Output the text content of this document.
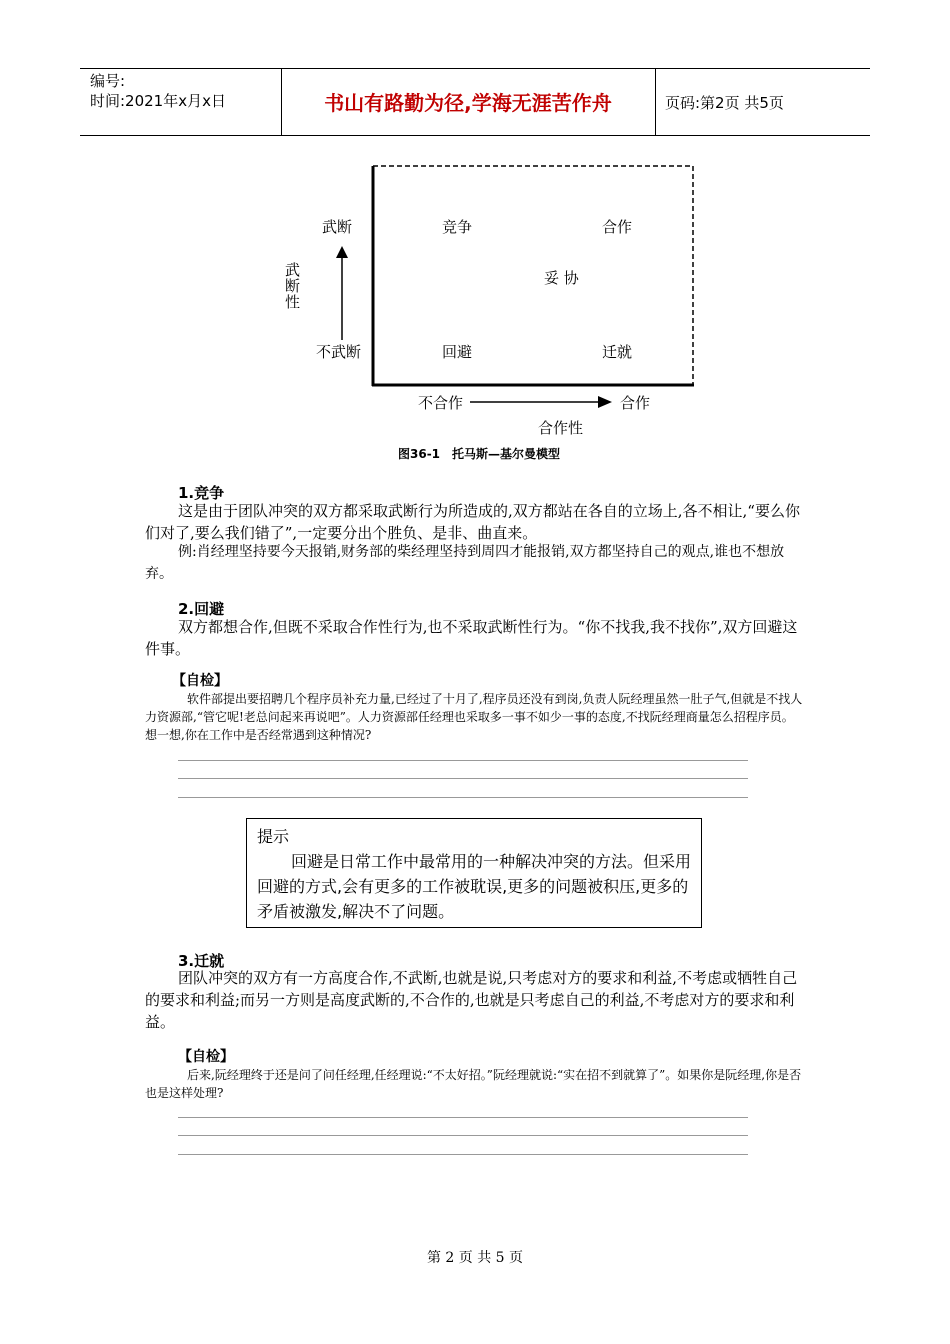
编号:
时间:2021年x月x日	书山有路勤为径,学海无涯苦作舟	页码:第2页 共5页
武断
不武断
武断性
竞争	合作
妥 协
回避	迁就
不合作	合作
合作性
图36-1　托马斯—基尔曼模型
1.竞争
这是由于团队冲突的双方都采取武断行为所造成的,双方都站在各自的立场上,各不相让,“要么你们对了,要么我们错了”,一定要分出个胜负、是非、曲直来。
例:肖经理坚持要今天报销,财务部的柴经理坚持到周四才能报销,双方都坚持自己的观点,谁也不想放弃。
2.回避
双方都想合作,但既不采取合作性行为,也不采取武断性行为。“你不找我,我不找你”,双方回避这件事。
【自检】
软件部提出要招聘几个程序员补充力量,已经过了十月了,程序员还没有到岗,负责人阮经理虽然一肚子气,但就是不找人力资源部,“管它呢!老总问起来再说吧”。人力资源部任经理也采取多一事不如少一事的态度,不找阮经理商量怎么招程序员。想一想,你在工作中是否经常遇到这种情况?
提示
回避是日常工作中最常用的一种解决冲突的方法。但采用回避的方式,会有更多的工作被耽误,更多的问题被积压,更多的矛盾被激发,解决不了问题。
3.迁就
团队冲突的双方有一方高度合作,不武断,也就是说,只考虑对方的要求和利益,不考虑或牺牲自己的要求和利益;而另一方则是高度武断的,不合作的,也就是只考虑自己的利益,不考虑对方的要求和利益。
【自检】
后来,阮经理终于还是问了问任经理,任经理说:“不太好招。”阮经理就说:“实在招不到就算了”。如果你是阮经理,你是否也是这样处理?
第 2 页 共 5 页
